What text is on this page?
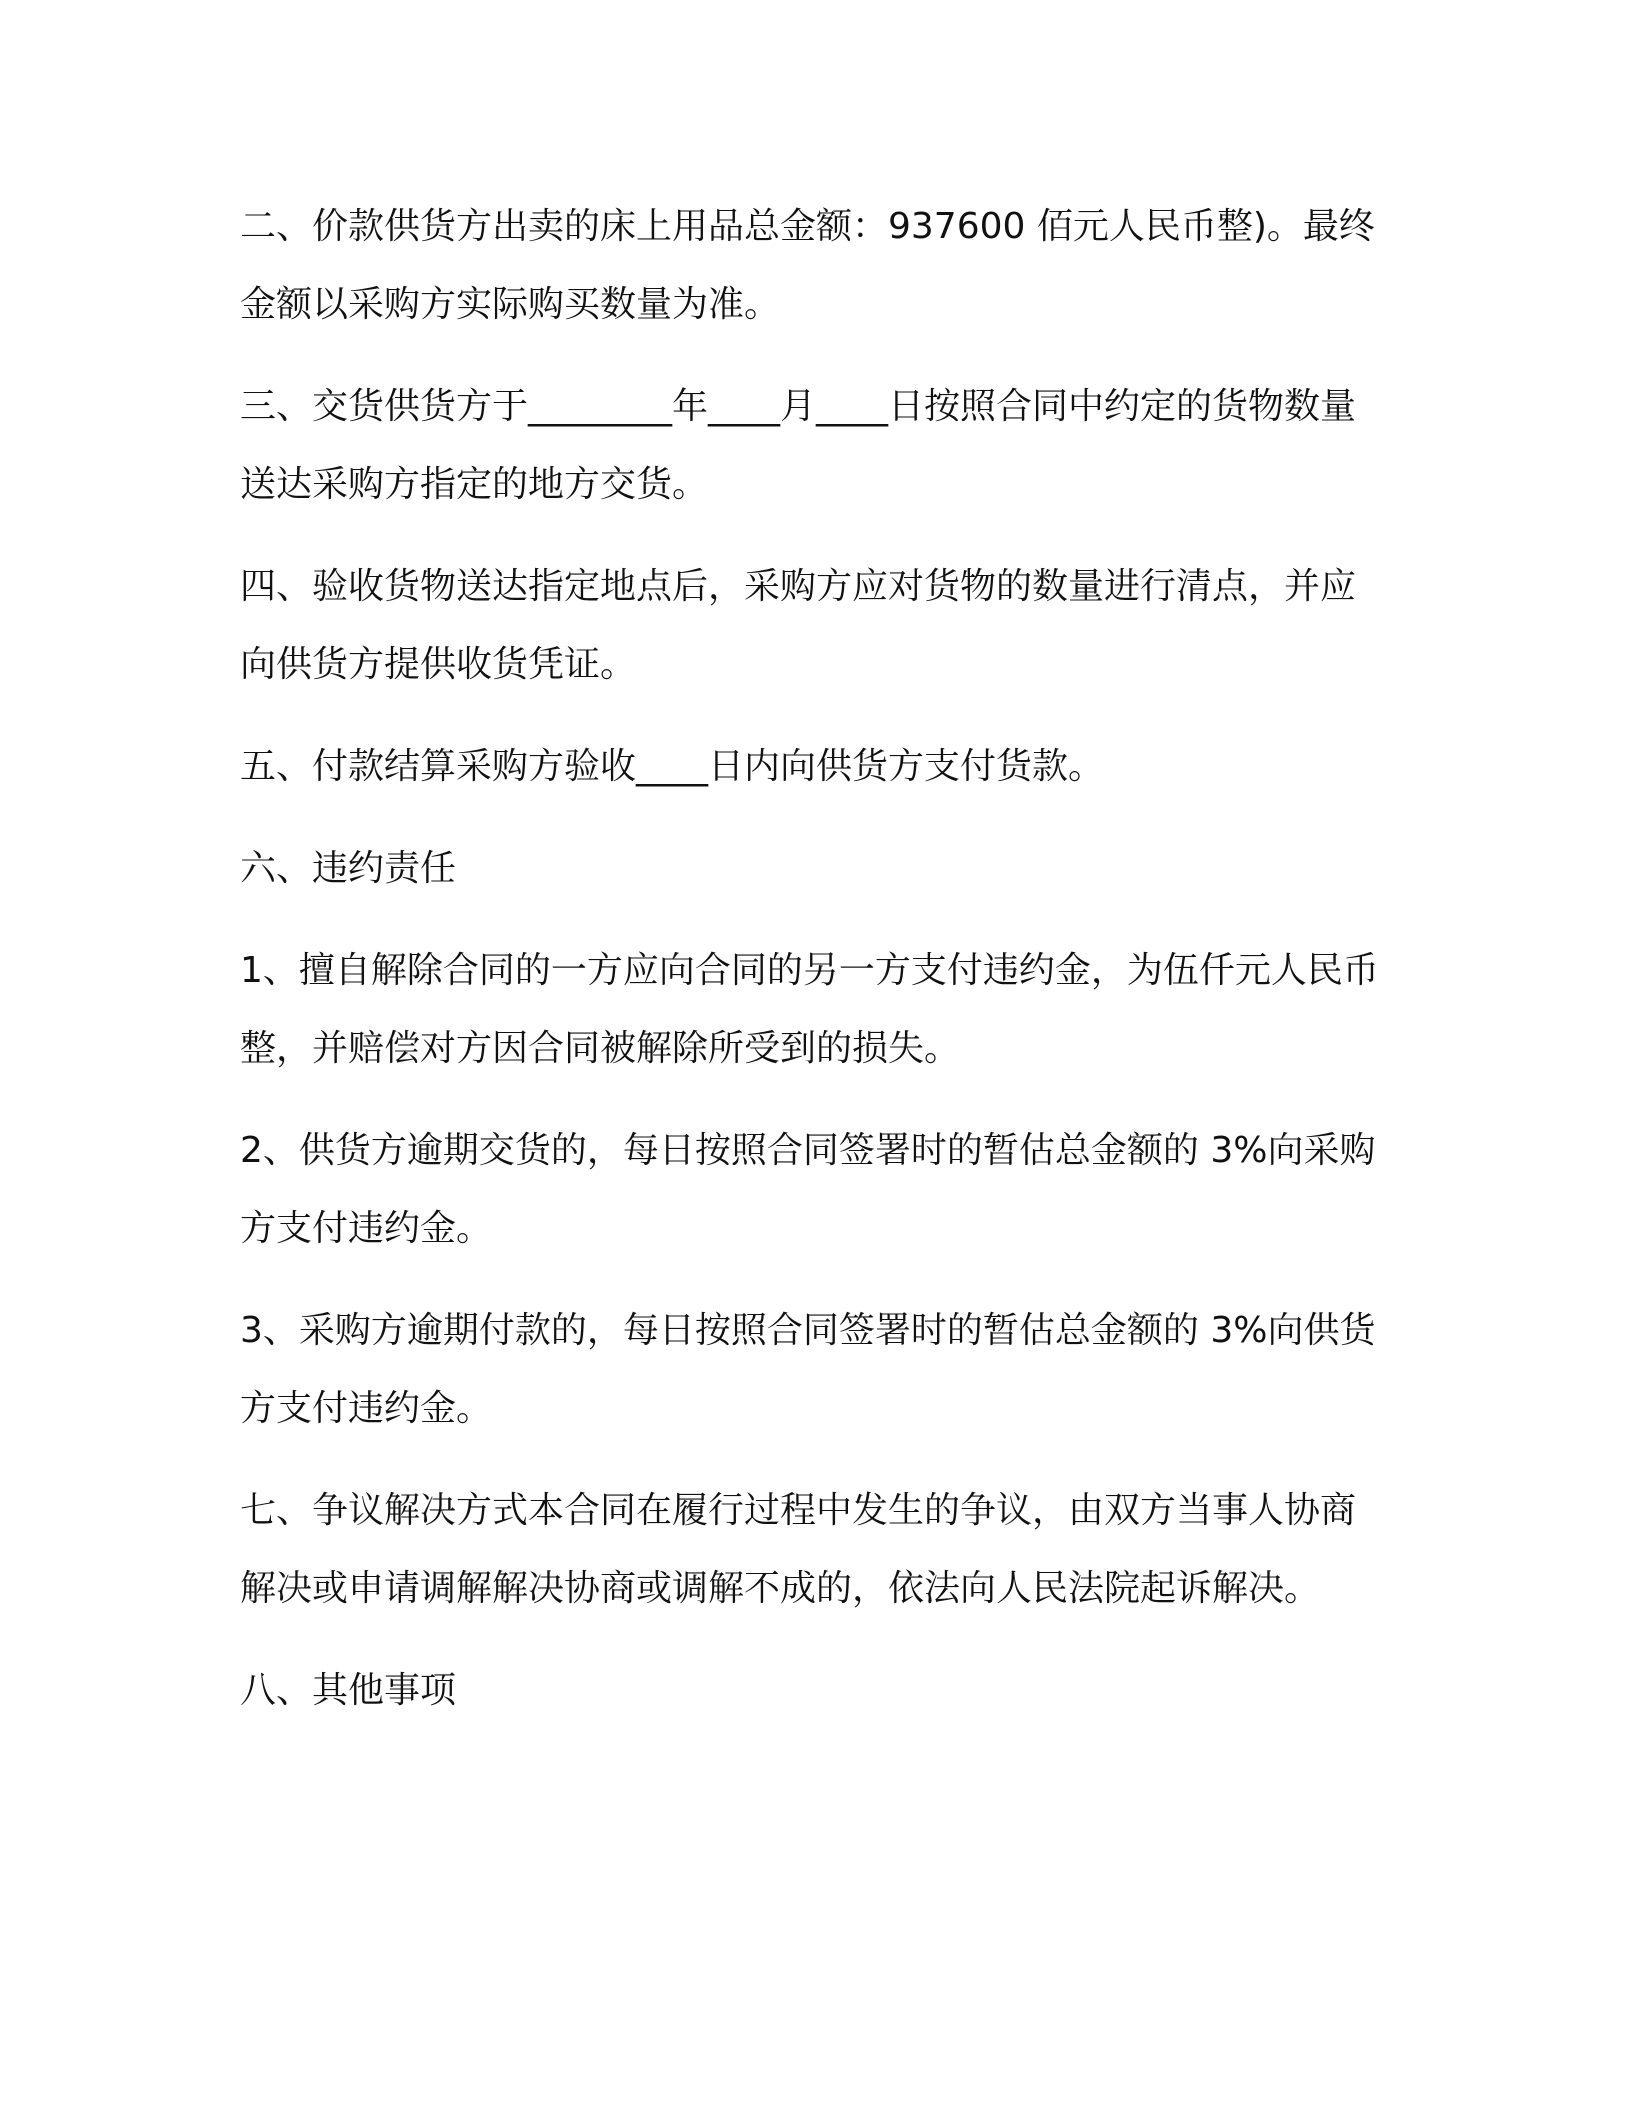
二、价款供货方出卖的床上用品总金额：937600 佰元人民币整)。最终金额以采购方实际购买数量为准。

三、交货供货方于________年____月____日按照合同中约定的货物数量送达采购方指定的地方交货。

四、验收货物送达指定地点后，采购方应对货物的数量进行清点，并应向供货方提供收货凭证。

五、付款结算采购方验收____日内向供货方支付货款。

六、违约责任

1、擅自解除合同的一方应向合同的另一方支付违约金，为伍仟元人民币整，并赔偿对方因合同被解除所受到的损失。

2、供货方逾期交货的，每日按照合同签署时的暂估总金额的 3%向采购方支付违约金。

3、采购方逾期付款的，每日按照合同签署时的暂估总金额的 3%向供货方支付违约金。

七、争议解决方式本合同在履行过程中发生的争议，由双方当事人协商解决或申请调解解决协商或调解不成的，依法向人民法院起诉解决。

八、其他事项
